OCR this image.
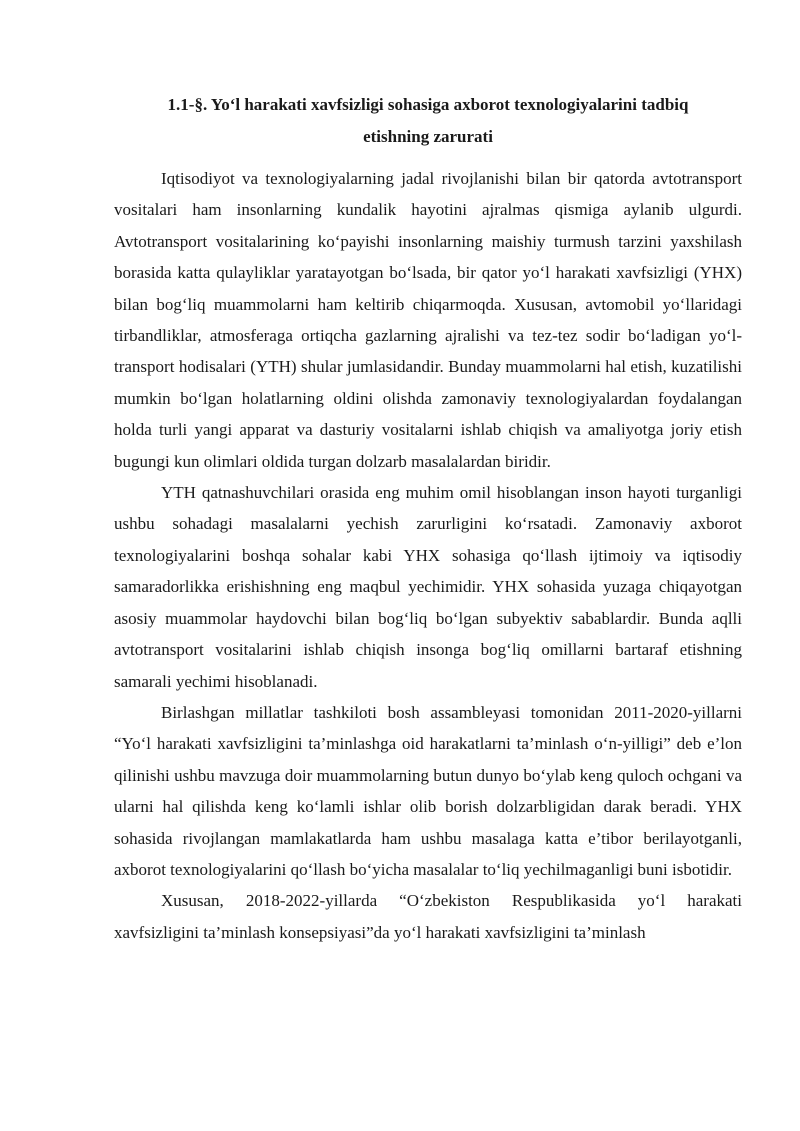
1.1-§. Yo‘l harakati xavfsizligi sohasiga axborot texnologiyalarini tadbiq
etishning zarurati

Iqtisodiyot va texnologiyalarning jadal rivojlanishi bilan bir qatorda avtotransport vositalari ham insonlarning kundalik hayotini ajralmas qismiga aylanib ulgurdi. Avtotransport vositalarining ko‘payishi insonlarning maishiy turmush tarzini yaxshilash borasida katta qulayliklar yaratayotgan bo‘lsada, bir qator yo‘l harakati xavfsizligi (YHX) bilan bog‘liq muammolarni ham keltirib chiqarmoqda. Xususan, avtomobil yo‘llaridagi tirbandliklar, atmosferaga ortiqcha gazlarning ajralishi va tez-tez sodir bo‘ladigan yo‘l-transport hodisalari (YTH) shular jumlasidandir. Bunday muammolarni hal etish, kuzatilishi mumkin bo‘lgan holatlarning oldini olishda zamonaviy texnologiyalardan foydalangan holda turli yangi apparat va dasturiy vositalarni ishlab chiqish va amaliyotga joriy etish bugungi kun olimlari oldida turgan dolzarb masalalardan biridir.

YTH qatnashuvchilari orasida eng muhim omil hisoblangan inson hayoti turganligi ushbu sohadagi masalalarni yechish zarurligini ko‘rsatadi. Zamonaviy axborot texnologiyalarini boshqa sohalar kabi YHX sohasiga qo‘llash ijtimoiy va iqtisodiy samaradorlikka erishishning eng maqbul yechimidir. YHX sohasida yuzaga chiqayotgan asosiy muammolar haydovchi bilan bog‘liq bo‘lgan subyektiv sabablardir. Bunda aqlli avtotransport vositalarini ishlab chiqish insonga bog‘liq omillarni bartaraf etishning samarali yechimi hisoblanadi.

Birlashgan millatlar tashkiloti bosh assambleyasi tomonidan 2011-2020-yillarni “Yo‘l harakati xavfsizligini ta’minlashga oid harakatlarni ta’minlash o‘n-yilligi” deb e’lon qilinishi ushbu mavzuga doir muammolarning butun dunyo bo‘ylab keng quloch ochgani va ularni hal qilishda keng ko‘lamli ishlar olib borish dolzarbligidan darak beradi. YHX sohasida rivojlangan mamlakatlarda ham ushbu masalaga katta e’tibor berilayotganli, axborot texnologiyalarini qo‘llash bo‘yicha masalalar to‘liq yechilmaganligi buni isbotidir.

Xususan, 2018-2022-yillarda “O‘zbekiston Respublikasida yo‘l harakati xavfsizligini ta’minlash konsepsiyasi”da yo‘l harakati xavfsizligini ta’minlash
